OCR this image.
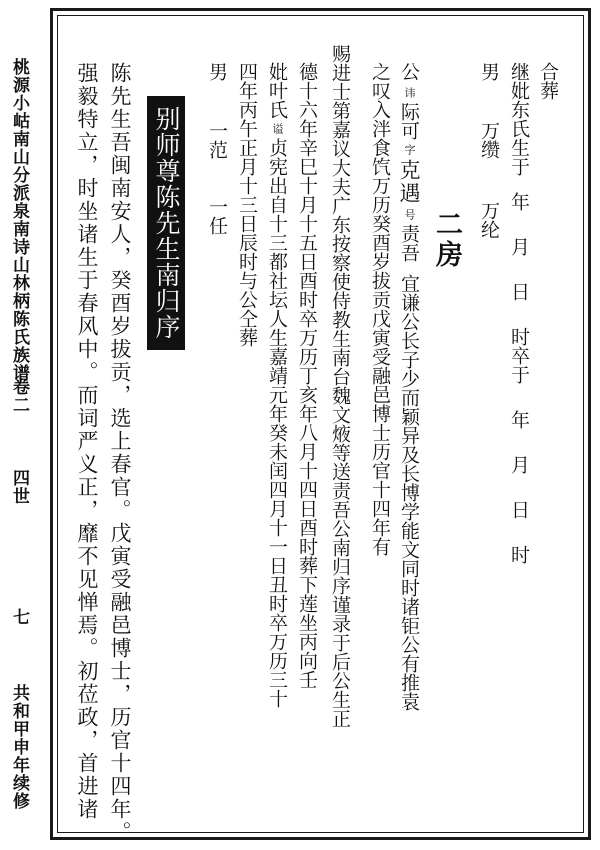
桃源小岵南山分派泉南诗山林柄陈氏族谱
卷二
四世
七
共和甲申年续修
合葬
继妣东氏生于年月日时卒于年月日时
男万缵万纶
二房
公讳际可字克遇号责吾宜谦公长子少而颖异及长博学能文同时诸钜公有推袁
之叹入泮食饩万历癸酉岁拔贡戊寅受融邑博士历官十四年有
赐进士第嘉议大夫广东按察使侍教生南台魏文焲等送责吾公南归序谨录于后公生正
德十六年辛巳十月十五日酉时卒万历丁亥年八月十四日酉时葬下莲坐丙向壬
妣叶氏谥贞宪出自十三都社坛人生嘉靖元年癸未闰四月十一日丑时卒万历三十
四年丙午正月十三日辰时与公仝葬
男一范一任
别师尊陈先生南归序
陈先生吾闽南安人，癸酉岁拔贡，选上春官。戊寅受融邑博士，历官十四年。
强毅特立，时坐诸生于春风中。而词严义正，靡不见惮焉。初莅政，首进诸
